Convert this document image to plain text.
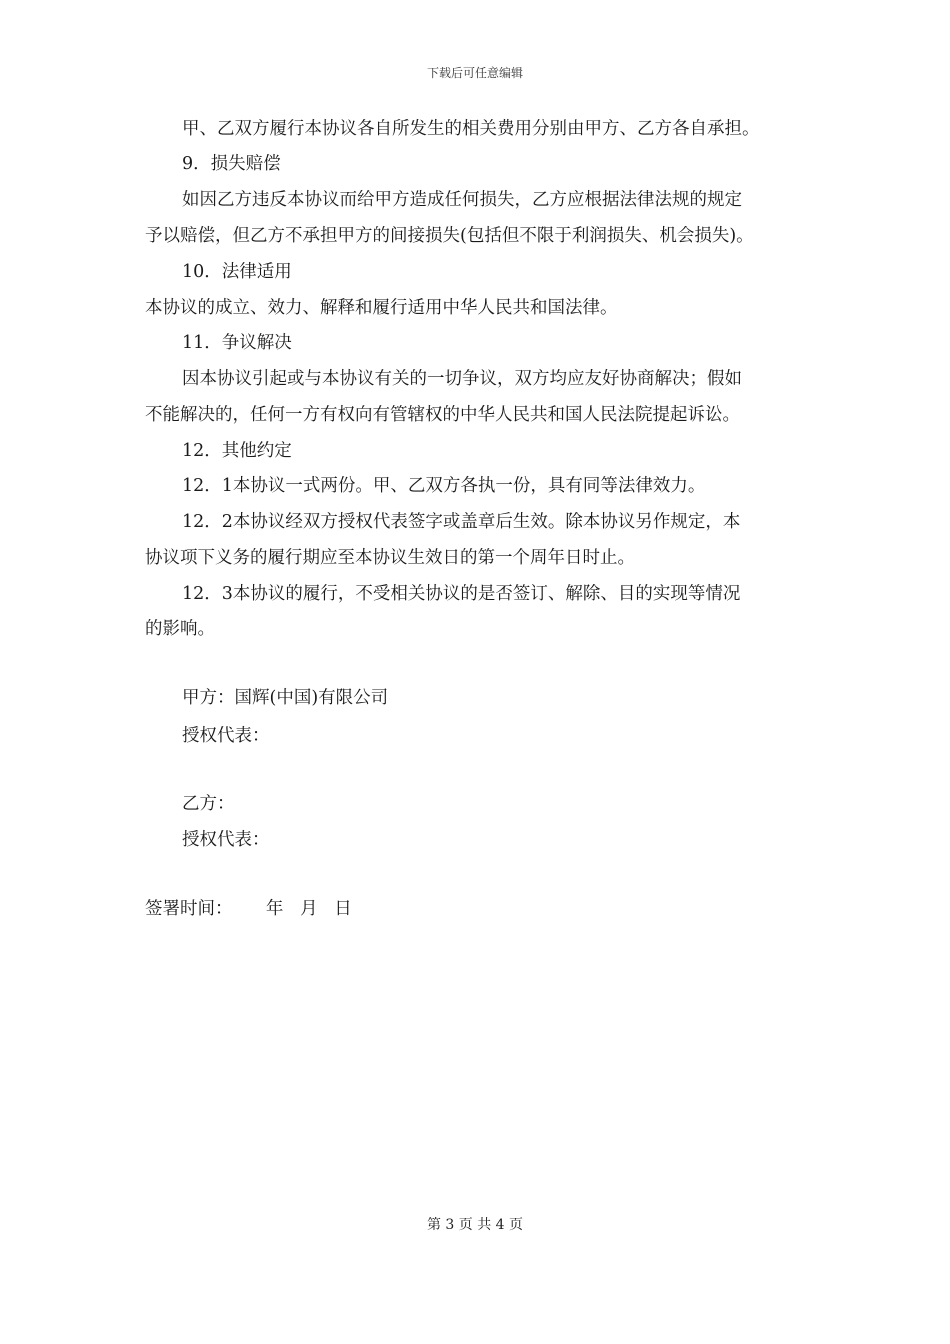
下载后可任意编辑
甲、乙双方履行本协议各自所发生的相关费用分别由甲方、乙方各自承担。
9．损失赔偿
如因乙方违反本协议而给甲方造成任何损失，乙方应根据法律法规的规定
予以赔偿，但乙方不承担甲方的间接损失(包括但不限于利润损失、机会损失)。
10．法律适用
本协议的成立、效力、解释和履行适用中华人民共和国法律。
11．争议解决
因本协议引起或与本协议有关的一切争议，双方均应友好协商解决；假如
不能解决的，任何一方有权向有管辖权的中华人民共和国人民法院提起诉讼。
12．其他约定
12．1本协议一式两份。甲、乙双方各执一份，具有同等法律效力。
12．2本协议经双方授权代表签字或盖章后生效。除本协议另作规定，本
协议项下义务的履行期应至本协议生效日的第一个周年日时止。
12．3本协议的履行，不受相关协议的是否签订、解除、目的实现等情况
的影响。
甲方：国辉(中国)有限公司
授权代表：
乙方：
授权代表：
签署时间：      年   月   日
第 3 页 共 4 页
